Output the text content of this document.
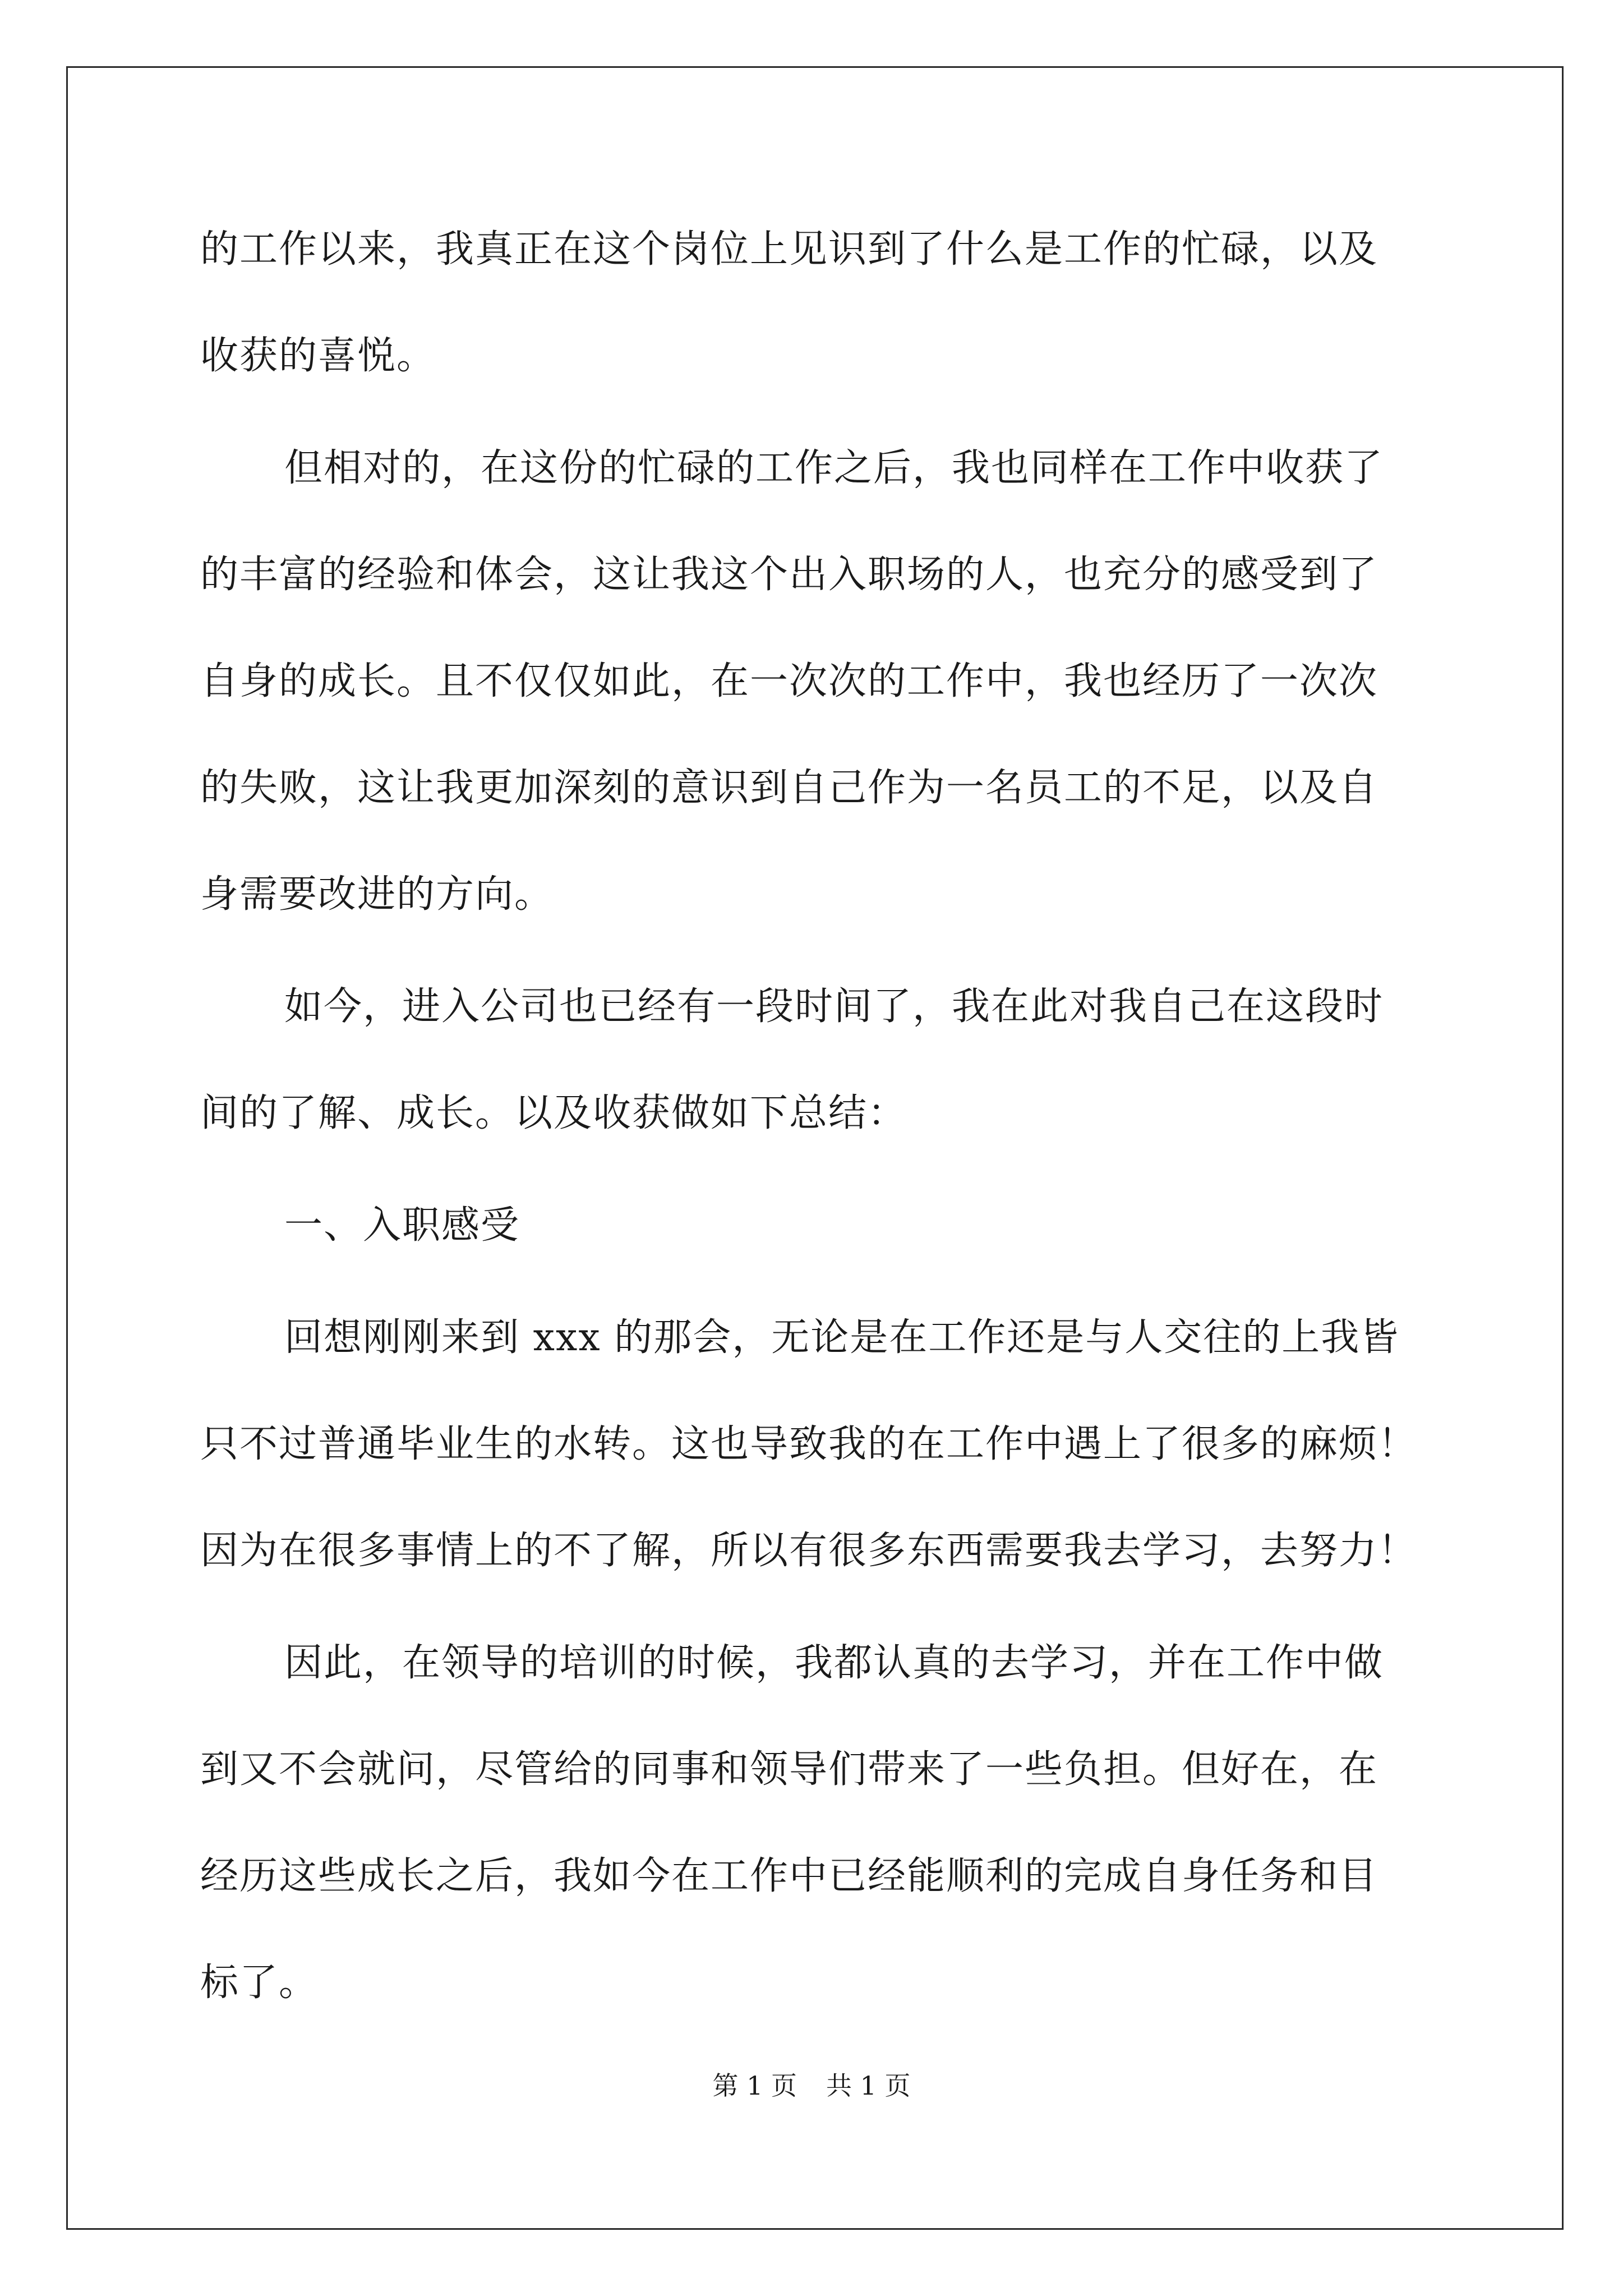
的工作以来，我真正在这个岗位上见识到了什么是工作的忙碌，以及
收获的喜悦。
但相对的，在这份的忙碌的工作之后，我也同样在工作中收获了
的丰富的经验和体会，这让我这个出入职场的人，也充分的感受到了
自身的成长。且不仅仅如此，在一次次的工作中，我也经历了一次次
的失败，这让我更加深刻的意识到自己作为一名员工的不足，以及自
身需要改进的方向。
如今，进入公司也已经有一段时间了，我在此对我自己在这段时
间的了解、成长。以及收获做如下总结：
一、入职感受
回想刚刚来到 xxx 的那会，无论是在工作还是与人交往的上我皆
只不过普通毕业生的水转。这也导致我的在工作中遇上了很多的麻烦！
因为在很多事情上的不了解，所以有很多东西需要我去学习，去努力！
因此，在领导的培训的时候，我都认真的去学习，并在工作中做
到又不会就问，尽管给的同事和领导们带来了一些负担。但好在，在
经历这些成长之后，我如今在工作中已经能顺利的完成自身任务和目
标了。
第 1 页 共 1 页
